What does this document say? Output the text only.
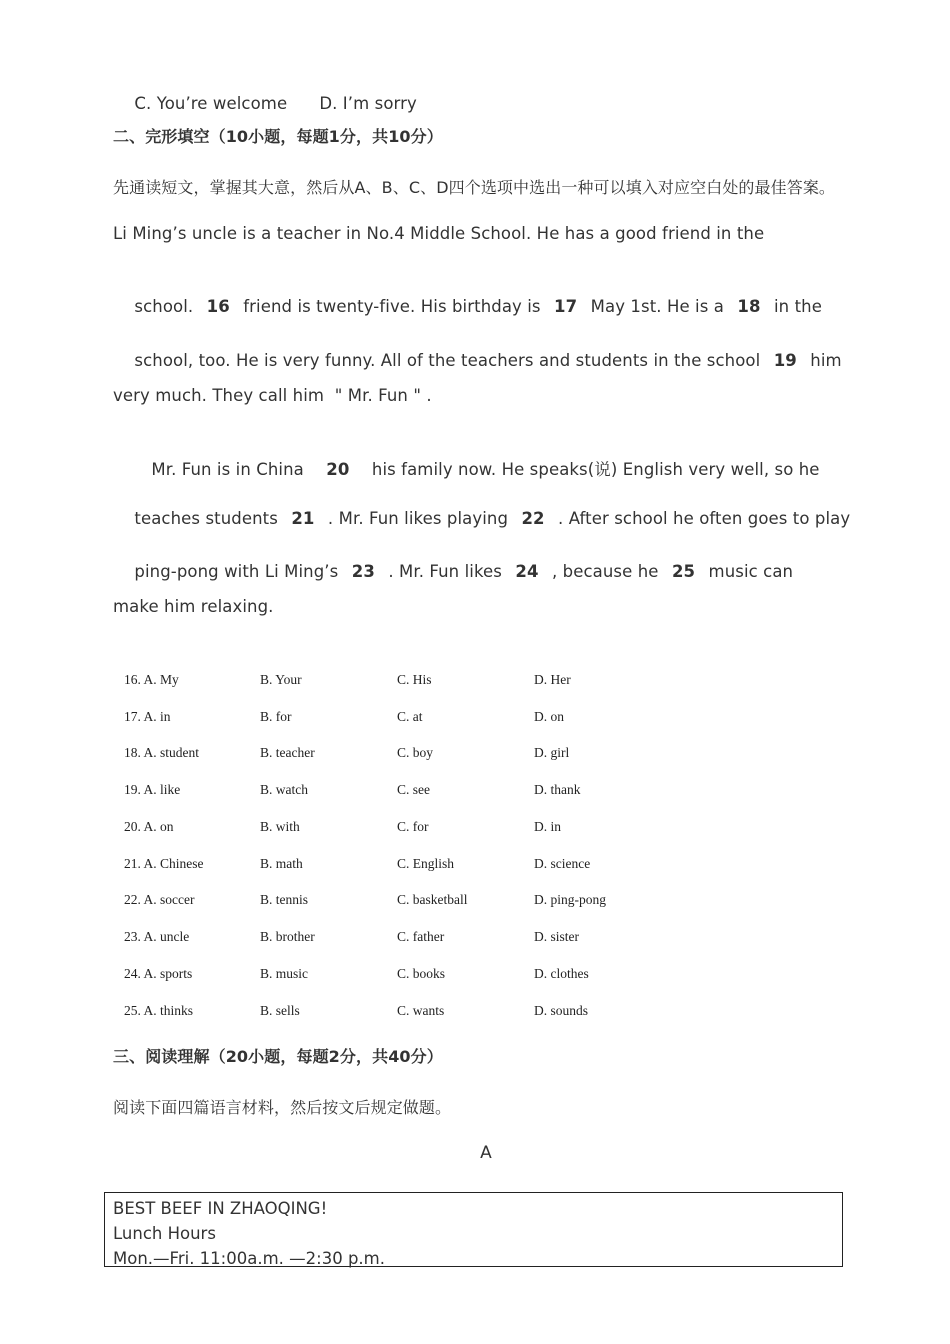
C. You’re welcome D. I’m sorry

二、完形填空（10小题，每题1分，共10分）
先通读短文，掌握其大意，然后从A、B、C、D四个选项中选出一种可以填入对应空白处的最佳答案。
Li Ming’s uncle is a teacher in No.4 Middle School. He has a good friend in the

school. 16 friend is twenty-five. His birthday is 17 May 1st. He is a 18 in the

school, too. He is very funny. All of the teachers and students in the school 19 him

very much. They call him  " Mr. Fun " .

Mr. Fun is in China 20 his family now. He speaks(说) English very well, so he

teaches students 21 . Mr. Fun likes playing 22 . After school he often goes to play

ping-pong with Li Ming’s 23 . Mr. Fun likes 24 , because he 25 music can

make him relaxing.
16. A. My	B. Your	C. His	D. Her
17. A. in	B. for	C. at	D. on
18. A. student	B. teacher	C. boy	D. girl
19. A. like	B. watch	C. see	D. thank
20. A. on	B. with	C. for	D. in
21. A. Chinese	B. math	C. English	D. science
22. A. soccer	B. tennis	C. basketball	D. ping-pong
23. A. uncle	B. brother	C. father	D. sister
24. A. sports	B. music	C. books	D. clothes
25. A. thinks	B. sells	C. wants	D. sounds
三、阅读理解（20小题，每题2分，共40分）
阅读下面四篇语言材料，然后按文后规定做题。
A
BEST BEEF IN ZHAOQING!
Lunch Hours
Mon.—Fri. 11:00a.m. —2:30 p.m.
